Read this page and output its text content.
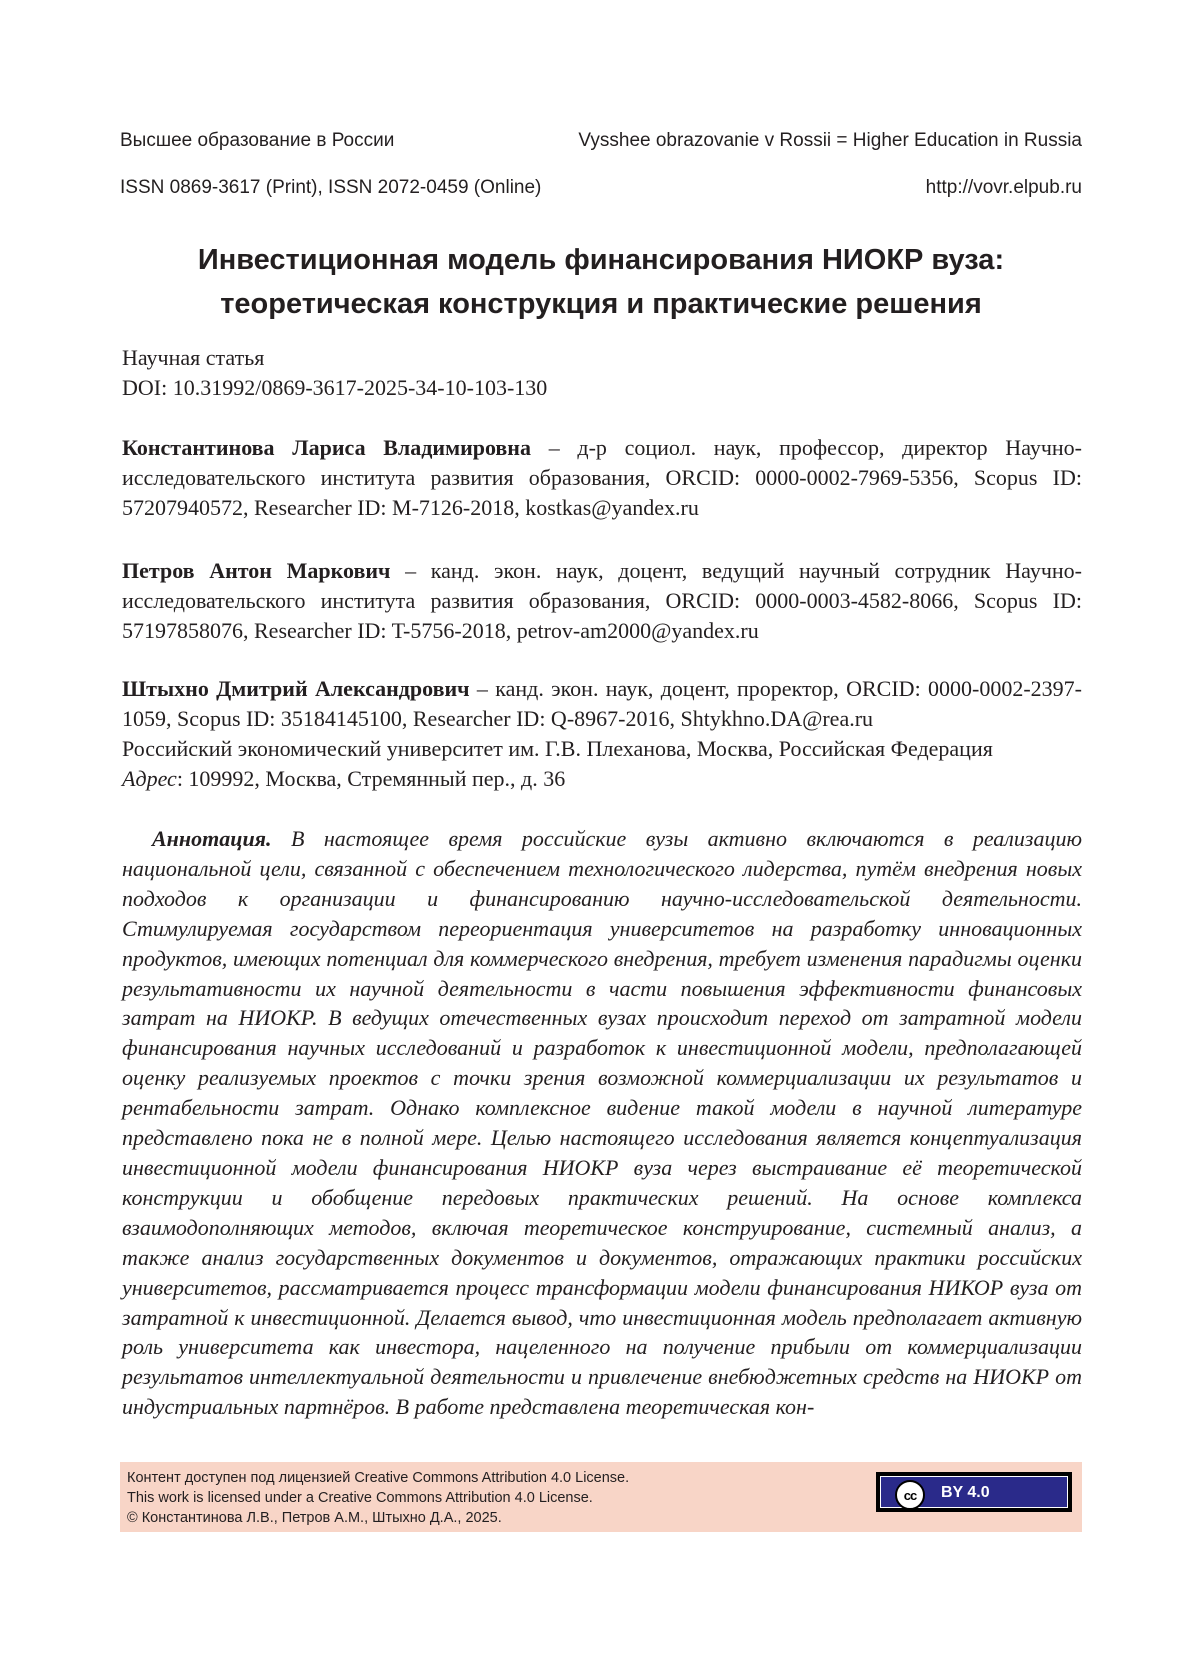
Высшее образование в России	Vysshee obrazovanie v Rossii = Higher Education in Russia
ISSN 0869-3617 (Print), ISSN 2072-0459 (Online)	http://vovr.elpub.ru
Инвестиционная модель финансирования НИОКР вуза:
теоретическая конструкция и практические решения
Научная статья
DOI: 10.31992/0869-3617-2025-34-10-103-130
Константинова Лариса Владимировна – д-р социол. наук, профессор, директор Научно-исследовательского института развития образования, ORCID: 0000-0002-7969-5356, Scopus ID: 57207940572, Researcher ID: M-7126-2018, kostkas@yandex.ru
Петров Антон Маркович – канд. экон. наук, доцент, ведущий научный сотрудник Научно-исследовательского института развития образования, ORCID: 0000-0003-4582-8066, Scopus ID: 57197858076, Researcher ID: T-5756-2018, petrov-am2000@yandex.ru
Штыхно Дмитрий Александрович – канд. экон. наук, доцент, проректор, ORCID: 0000-0002-2397-1059, Scopus ID: 35184145100, Researcher ID: Q-8967-2016, Shtykhno.DA@rea.ru
Российский экономический университет им. Г.В. Плеханова, Москва, Российская Федерация
Адрес: 109992, Москва, Стремянный пер., д. 36
Аннотация. В настоящее время российские вузы активно включаются в реализацию национальной цели, связанной с обеспечением технологического лидерства, путём внедрения новых подходов к организации и финансированию научно-исследовательской деятельности. Стимулируемая государством переориентация университетов на разработку инновационных продуктов, имеющих потенциал для коммерческого внедрения, требует изменения парадигмы оценки результативности их научной деятельности в части повышения эффективности финансовых затрат на НИОКР. В ведущих отечественных вузах происходит переход от затратной модели финансирования научных исследований и разработок к инвестиционной модели, предполагающей оценку реализуемых проектов с точки зрения возможной коммерциализации их результатов и рентабельности затрат. Однако комплексное видение такой модели в научной литературе представлено пока не в полной мере. Целью настоящего исследования является концептуализация инвестиционной модели финансирования НИОКР вуза через выстраивание её теоретической конструкции и обобщение передовых практических решений. На основе комплекса взаимодополняющих методов, включая теоретическое конструирование, системный анализ, а также анализ государственных документов и документов, отражающих практики российских университетов, рассматривается процесс трансформации модели финансирования НИКОР вуза от затратной к инвестиционной. Делается вывод, что инвестиционная модель предполагает активную роль университета как инвестора, нацеленного на получение прибыли от коммерциализации результатов интеллектуальной деятельности и привлечение внебюджетных средств на НИОКР от индустриальных партнёров. В работе представлена теоретическая кон-
Контент доступен под лицензией Creative Commons Attribution 4.0 License.
This work is licensed under a Creative Commons Attribution 4.0 License.
© Константинова Л.В., Петров А.М., Штыхно Д.А., 2025.
cc	BY 4.0
